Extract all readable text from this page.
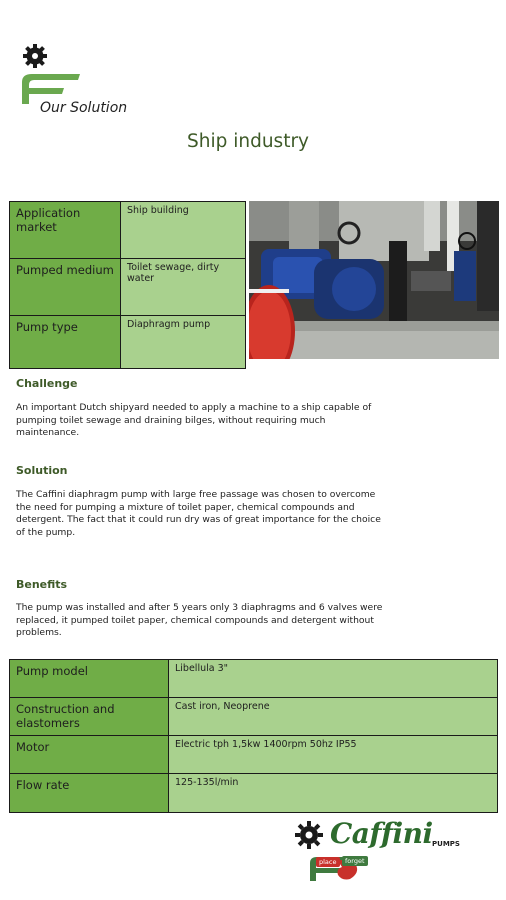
Our Solution
Ship industry
Application market	Ship building
Pumped medium	Toilet sewage, dirty water
Pump type	Diaphragm pump
Challenge
An important Dutch shipyard needed to apply a machine to a ship capable of pumping toilet sewage and draining bilges, without requiring much maintenance.
Solution
The Caffini diaphragm pump with large free passage was chosen to overcome the need for pumping a mixture of toilet paper, chemical compounds and detergent. The fact that it could run dry was of great importance for the choice of the pump.
Benefits
The pump was installed and after 5 years only 3 diaphragms and 6 valves were replaced, it pumped toilet paper, chemical compounds and detergent without problems.
Pump model	Libellula 3"
Construction and elastomers	Cast iron, Neoprene
Motor	Electric tph 1,5kw 1400rpm 50hz IP55
Flow rate	125-135l/min
Caffini PUMPS
place	forget
